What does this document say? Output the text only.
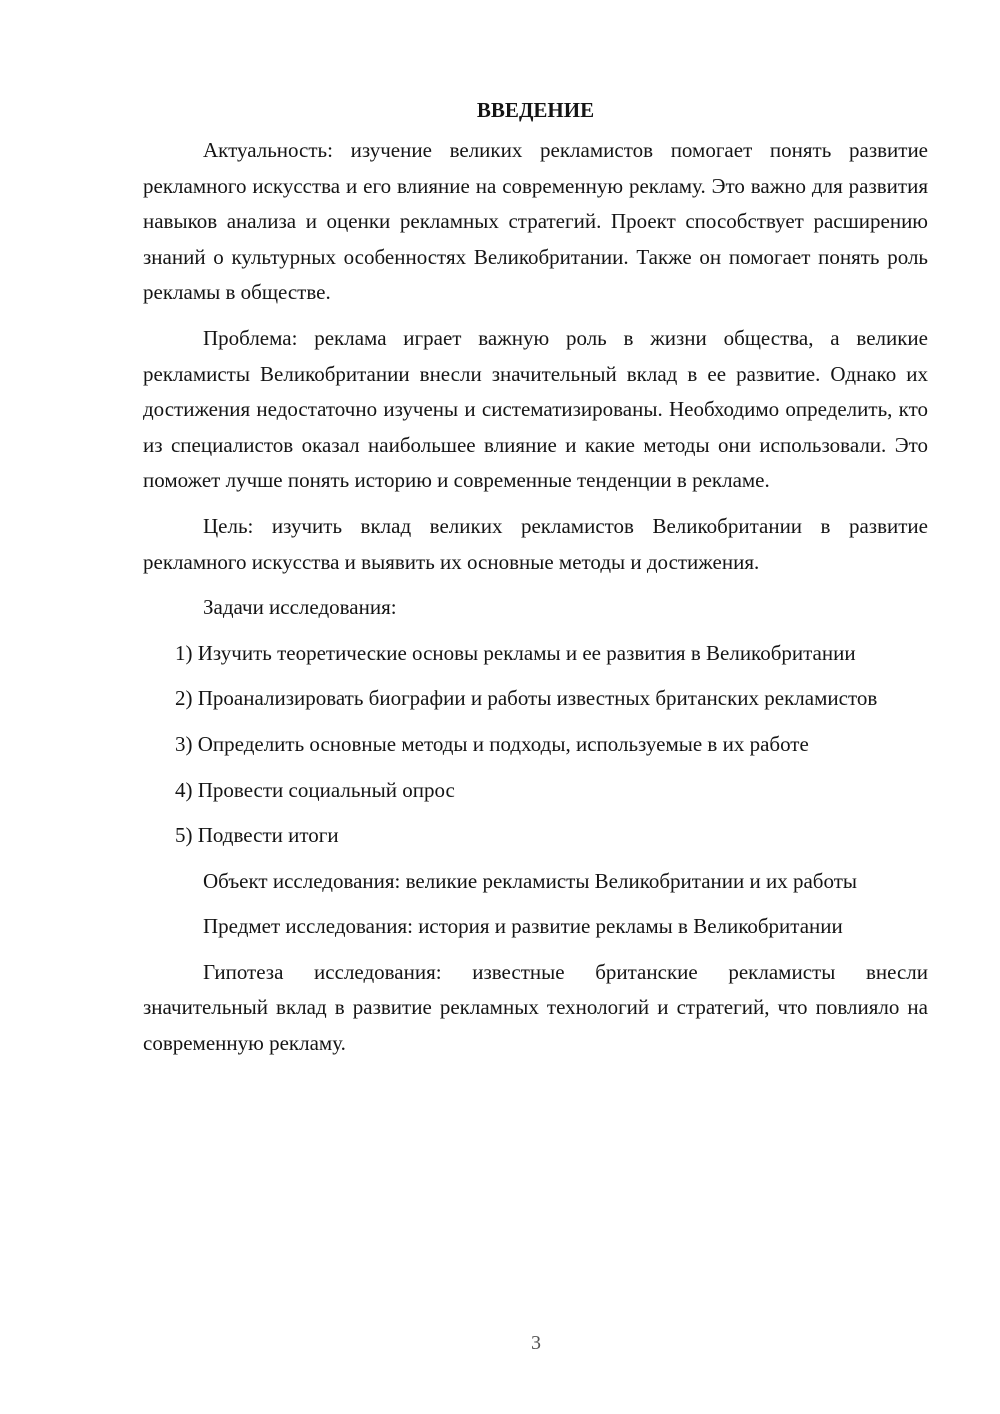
ВВЕДЕНИЕ

Актуальность: изучение великих рекламистов помогает понять развитие рекламного искусства и его влияние на современную рекламу. Это важно для развития навыков анализа и оценки рекламных стратегий. Проект способствует расширению знаний о культурных особенностях Великобритании. Также он помогает понять роль рекламы в обществе.

Проблема: реклама играет важную роль в жизни общества, а великие рекламисты Великобритании внесли значительный вклад в ее развитие. Однако их достижения недостаточно изучены и систематизированы. Необходимо определить, кто из специалистов оказал наибольшее влияние и какие методы они использовали. Это поможет лучше понять историю и современные тенденции в рекламе.

Цель: изучить вклад великих рекламистов Великобритании в развитие рекламного искусства и выявить их основные методы и достижения.

Задачи исследования:

1) Изучить теоретические основы рекламы и ее развития в Великобритании

2) Проанализировать биографии и работы известных британских рекламистов

3) Определить основные методы и подходы, используемые в их работе

4) Провести социальный опрос

5) Подвести итоги

Объект исследования: великие рекламисты Великобритании и их работы

Предмет исследования: история и развитие рекламы в Великобритании

Гипотеза исследования: известные британские рекламисты внесли значительный вклад в развитие рекламных технологий и стратегий, что повлияло на современную рекламу.

3
